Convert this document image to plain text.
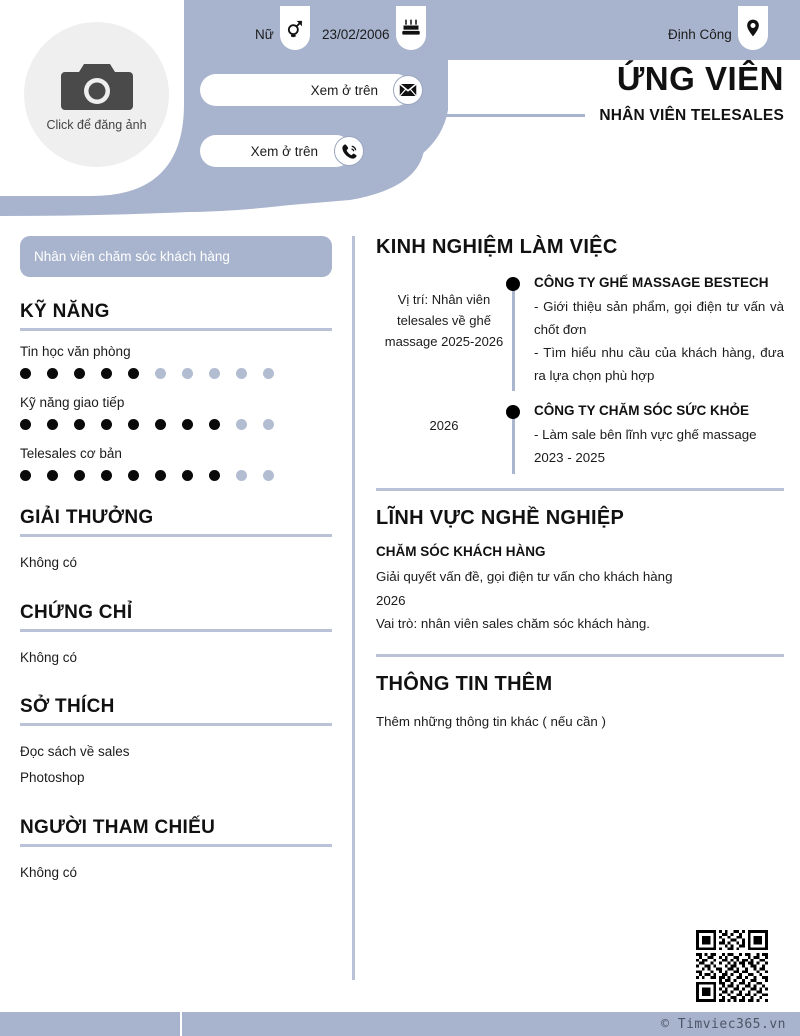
Click để đăng ảnh
Nữ	23/02/2006	Định Công
Xem ở trên
Xem ở trên
ỨNG VIÊN
NHÂN VIÊN TELESALES
Nhân viên chăm sóc khách hàng
KỸ NĂNG
Tin học văn phòng
Kỹ năng giao tiếp
Telesales cơ bản
GIẢI THƯỞNG
Không có
CHỨNG CHỈ
Không có
SỞ THÍCH
Đọc sách về sales
Photoshop
NGƯỜI THAM CHIẾU
Không có
KINH NGHIỆM LÀM VIỆC
Vị trí: Nhân viên telesales về ghế massage 2025-2026
CÔNG TY GHẾ MASSAGE BESTECH
- Giới thiệu sản phẩm, gọi điện tư vấn và chốt đơn
- Tìm hiểu nhu cầu của khách hàng, đưa ra lựa chọn phù hợp
2026
CÔNG TY CHĂM SÓC SỨC KHỎE
- Làm sale bên lĩnh vực ghế massage
2023 - 2025
LĨNH VỰC NGHỀ NGHIỆP
CHĂM SÓC KHÁCH HÀNG
Giải quyết vấn đề, gọi điện tư vấn cho khách hàng
2026
Vai trò: nhân viên sales chăm sóc khách hàng.
THÔNG TIN THÊM
Thêm những thông tin khác ( nếu cần )
© Timviec365.vn
